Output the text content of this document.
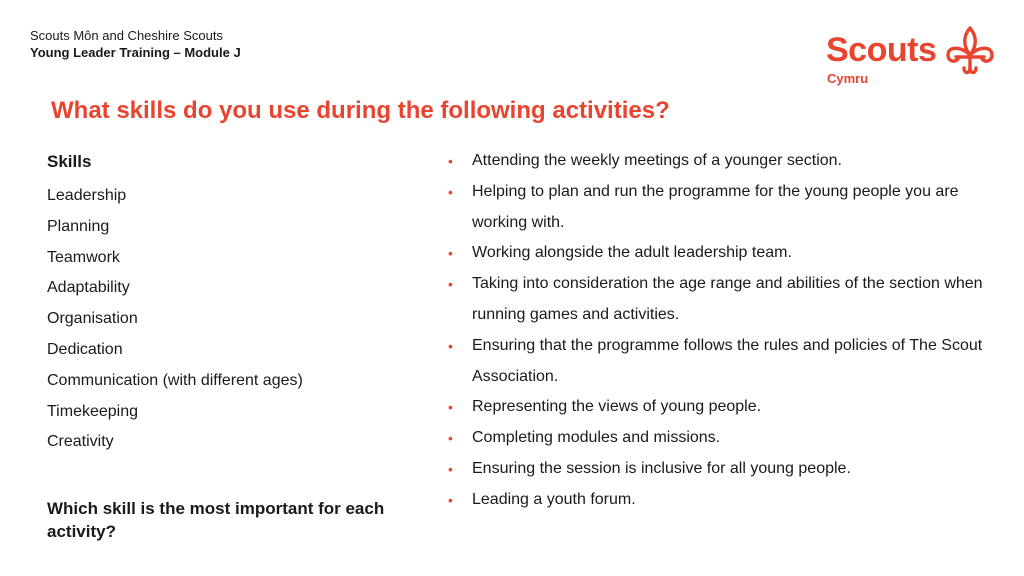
Scouts Môn and Cheshire Scouts
Young Leader Training – Module J	Scouts
Cymru
What skills do you use during the following activities?
Skills
Leadership
Planning
Teamwork
Adaptability
Organisation
Dedication
Communication (with different ages)
Timekeeping
Creativity
Which skill is the most important for each activity?
• Attending the weekly meetings of a younger section.
• Helping to plan and run the programme for the young people you are working with.
• Working alongside the adult leadership team.
• Taking into consideration the age range and abilities of the section when running games and activities.
• Ensuring that the programme follows the rules and policies of The Scout Association.
• Representing the views of young people.
• Completing modules and missions.
• Ensuring the session is inclusive for all young people.
• Leading a youth forum.
